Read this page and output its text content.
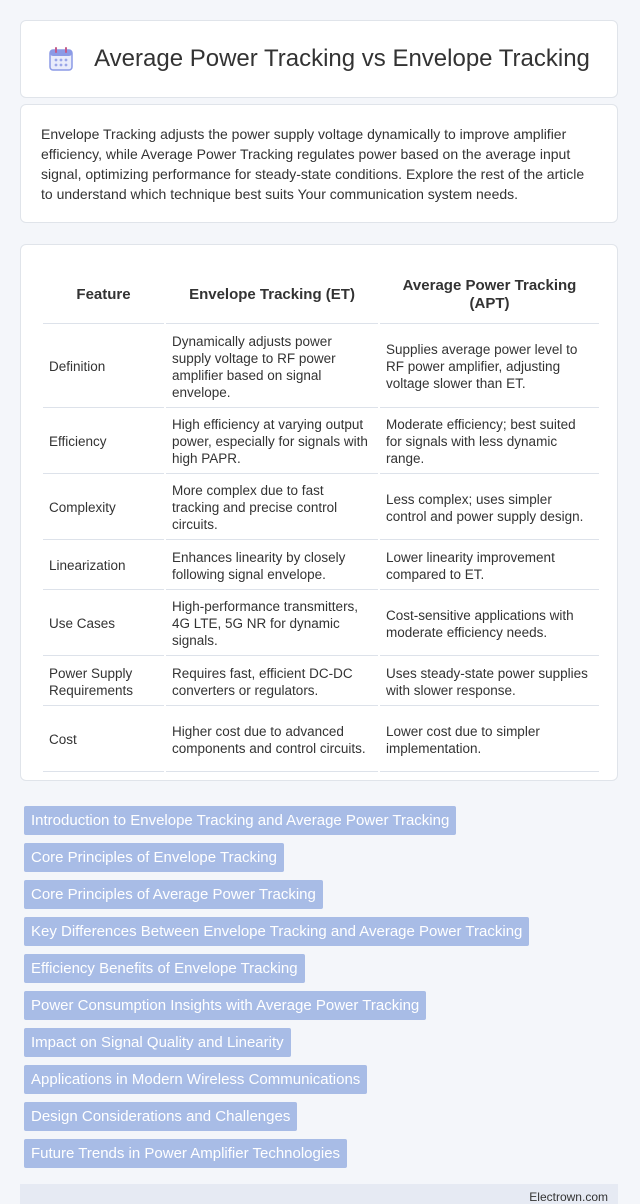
Average Power Tracking vs Envelope Tracking

Envelope Tracking adjusts the power supply voltage dynamically to improve amplifier efficiency, while Average Power Tracking regulates power based on the average input signal, optimizing performance for steady-state conditions. Explore the rest of the article to understand which technique best suits Your communication system needs.

Feature	Envelope Tracking (ET)	Average Power Tracking (APT)
Definition	Dynamically adjusts power supply voltage to RF power amplifier based on signal envelope.	Supplies average power level to RF power amplifier, adjusting voltage slower than ET.
Efficiency	High efficiency at varying output power, especially for signals with high PAPR.	Moderate efficiency; best suited for signals with less dynamic range.
Complexity	More complex due to fast tracking and precise control circuits.	Less complex; uses simpler control and power supply design.
Linearization	Enhances linearity by closely following signal envelope.	Lower linearity improvement compared to ET.
Use Cases	High-performance transmitters, 4G LTE, 5G NR for dynamic signals.	Cost-sensitive applications with moderate efficiency needs.
Power Supply Requirements	Requires fast, efficient DC-DC converters or regulators.	Uses steady-state power supplies with slower response.
Cost	Higher cost due to advanced components and control circuits.	Lower cost due to simpler implementation.
Introduction to Envelope Tracking and Average Power Tracking
Core Principles of Envelope Tracking
Core Principles of Average Power Tracking
Key Differences Between Envelope Tracking and Average Power Tracking
Efficiency Benefits of Envelope Tracking
Power Consumption Insights with Average Power Tracking
Impact on Signal Quality and Linearity
Applications in Modern Wireless Communications
Design Considerations and Challenges
Future Trends in Power Amplifier Technologies
Electrown.com
